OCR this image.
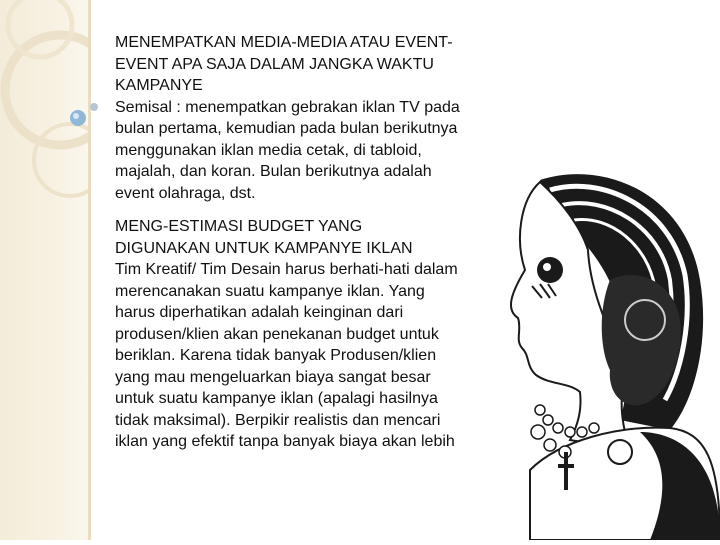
MENEMPATKAN MEDIA-MEDIA ATAU EVENT-EVENT APA SAJA DALAM JANGKA WAKTU KAMPANYE
Semisal : menempatkan gebrakan iklan TV pada bulan pertama, kemudian pada bulan berikutnya menggunakan iklan media cetak, di tabloid, majalah, dan koran. Bulan berikutnya adalah event olahraga, dst.

MENG-ESTIMASI BUDGET YANG DIGUNAKAN UNTUK KAMPANYE IKLAN
Tim Kreatif/ Tim Desain harus berhati-hati dalam merencanakan suatu kampanye iklan. Yang harus diperhatikan adalah keinginan dari produsen/klien akan penekanan budget untuk beriklan. Karena tidak banyak Produsen/klien yang mau mengeluarkan biaya sangat besar untuk suatu kampanye iklan (apalagi hasilnya tidak maksimal). Berpikir realistis dan mencari iklan yang efektif tanpa banyak biaya akan lebih
